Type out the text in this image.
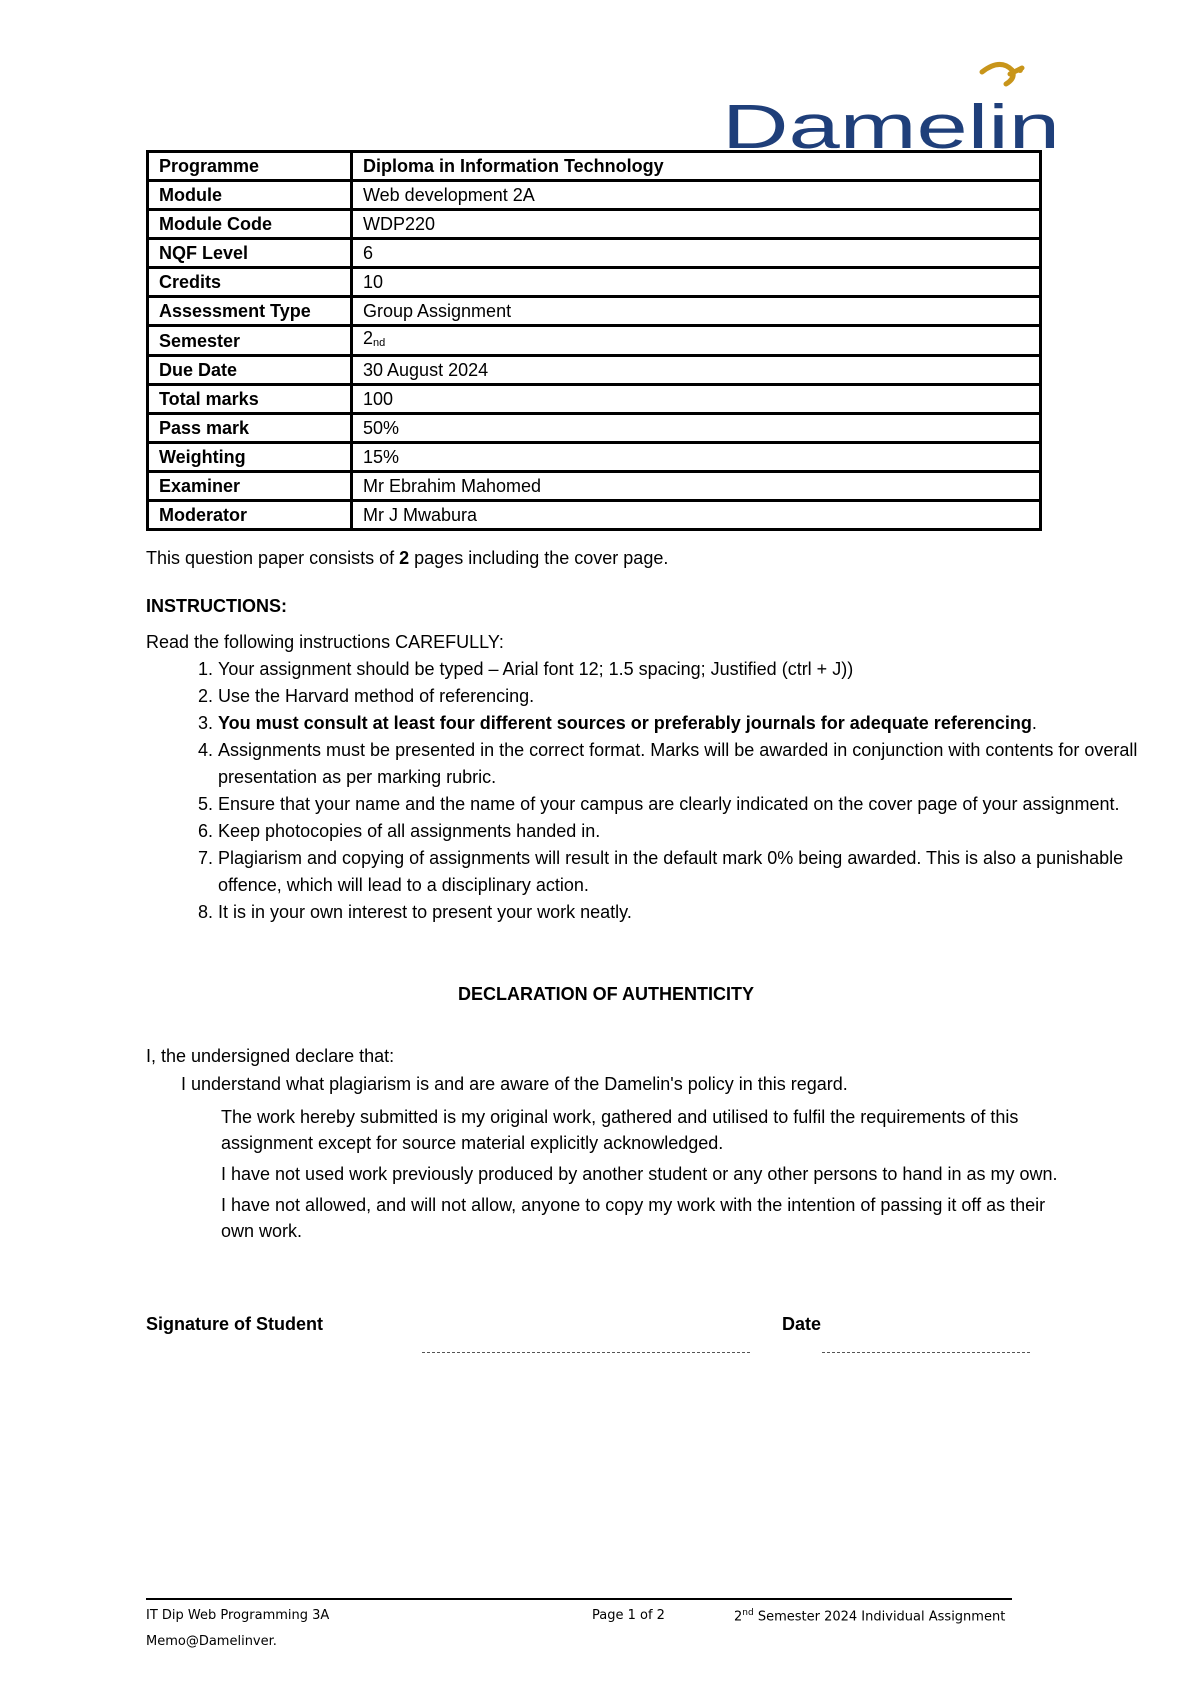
Damelin
Programme	Diploma in Information Technology
Module	Web development 2A
Module Code	WDP220
NQF Level	6
Credits	10
Assessment Type	Group Assignment
Semester	2nd
Due Date	30 August 2024
Total marks	100
Pass mark	50%
Weighting	15%
Examiner	Mr Ebrahim Mahomed
Moderator	Mr J Mwabura
This question paper consists of 2 pages including the cover page.
INSTRUCTIONS:
Read the following instructions CAREFULLY:
1. Your assignment should be typed – Arial font 12; 1.5 spacing; Justified (ctrl + J))
2. Use the Harvard method of referencing.
3. You must consult at least four different sources or preferably journals for adequate referencing.
4. Assignments must be presented in the correct format. Marks will be awarded in conjunction with contents for overall presentation as per marking rubric.
5. Ensure that your name and the name of your campus are clearly indicated on the cover page of your assignment.
6. Keep photocopies of all assignments handed in.
7. Plagiarism and copying of assignments will result in the default mark 0% being awarded. This is also a punishable offence, which will lead to a disciplinary action.
8. It is in your own interest to present your work neatly.
DECLARATION OF AUTHENTICITY
I, the undersigned declare that:
I understand what plagiarism is and are aware of the Damelin's policy in this regard.

The work hereby submitted is my original work, gathered and utilised to fulfil the requirements of this assignment except for source material explicitly acknowledged.

I have not used work previously produced by another student or any other persons to hand in as my own.

I have not allowed, and will not allow, anyone to copy my work with the intention of passing it off as their own work.

Signature of Student	Date
IT Dip Web Programming 3A	Page 1 of 2	2nd Semester 2024 Individual Assignment
Memo@Damelinver.
